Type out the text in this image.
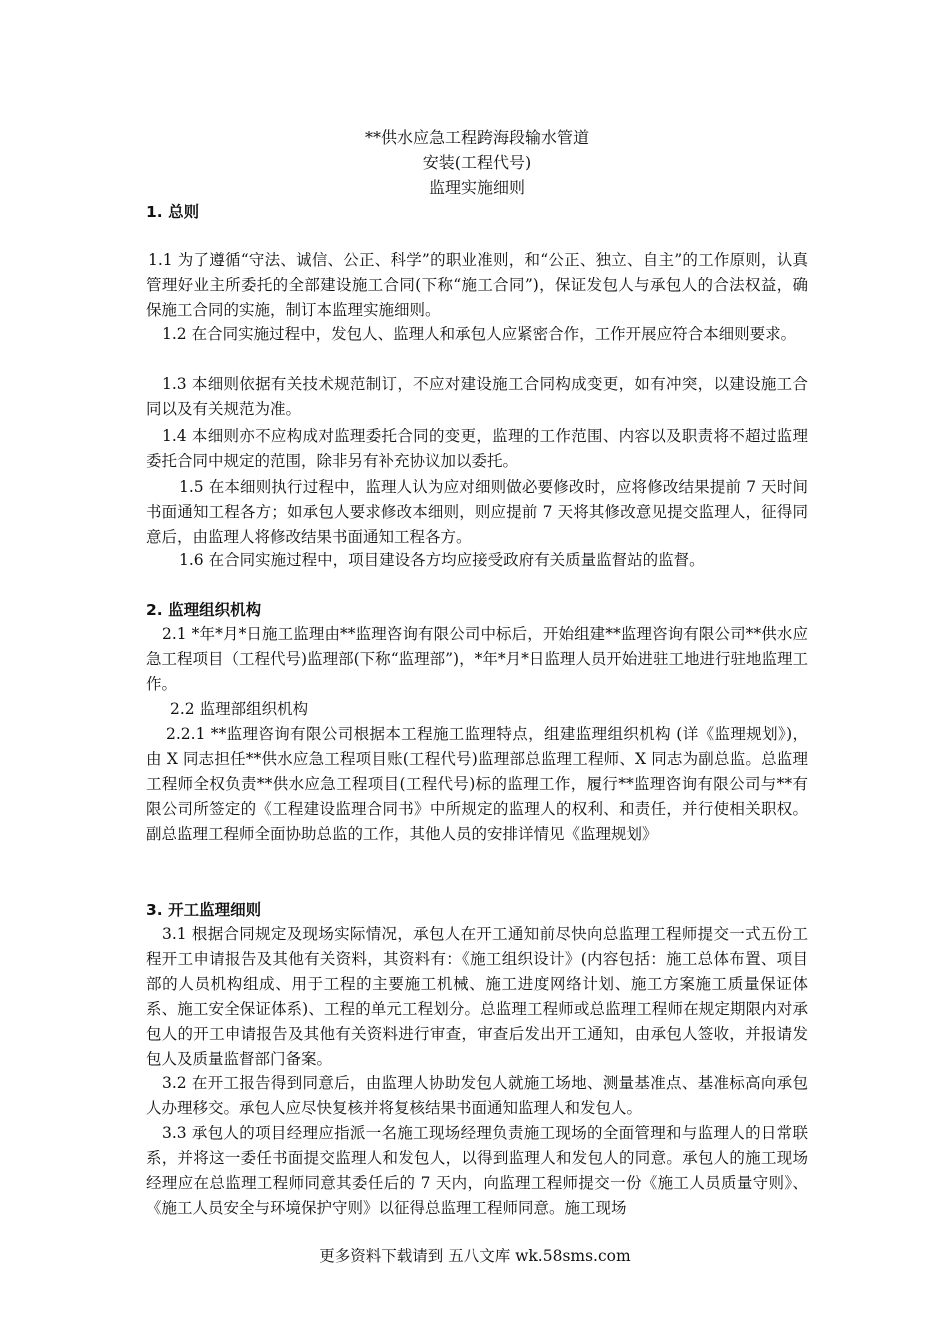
**供水应急工程跨海段输水管道
安装(工程代号)
监理实施细则
1. 总则
1.1 为了遵循“守法、诚信、公正、科学”的职业准则，和“公正、独立、自主”的工作原则，认真管理好业主所委托的全部建设施工合同(下称“施工合同”)，保证发包人与承包人的合法权益，确保施工合同的实施，制订本监理实施细则。
1.2 在合同实施过程中，发包人、监理人和承包人应紧密合作，工作开展应符合本细则要求。
1.3 本细则依据有关技术规范制订，不应对建设施工合同构成变更，如有冲突，以建设施工合同以及有关规范为准。
1.4 本细则亦不应构成对监理委托合同的变更，监理的工作范围、内容以及职责将不超过监理委托合同中规定的范围，除非另有补充协议加以委托。
1.5 在本细则执行过程中，监理人认为应对细则做必要修改时，应将修改结果提前 7 天时间书面通知工程各方；如承包人要求修改本细则，则应提前 7 天将其修改意见提交监理人，征得同意后，由监理人将修改结果书面通知工程各方。
1.6 在合同实施过程中，项目建设各方均应接受政府有关质量监督站的监督。
2. 监理组织机构
2.1 *年*月*日施工监理由**监理咨询有限公司中标后，开始组建**监理咨询有限公司**供水应急工程项目（工程代号)监理部(下称“监理部”)，*年*月*日监理人员开始进驻工地进行驻地监理工作。
2.2 监理部组织机构
2.2.1 **监理咨询有限公司根据本工程施工监理特点，组建监理组织机构 (详《监理规划》)，由 X 同志担任**供水应急工程项目账(工程代号)监理部总监理工程师、X 同志为副总监。总监理工程师全权负责**供水应急工程项目(工程代号)标的监理工作，履行**监理咨询有限公司与**有限公司所签定的《工程建设监理合同书》中所规定的监理人的权利、和责任，并行使相关职权。副总监理工程师全面协助总监的工作，其他人员的安排详情见《监理规划》
3. 开工监理细则
3.1 根据合同规定及现场实际情况，承包人在开工通知前尽快向总监理工程师提交一式五份工程开工申请报告及其他有关资料，其资料有：《施工组织设计》(内容包括：施工总体布置、项目部的人员机构组成、用于工程的主要施工机械、施工进度网络计划、施工方案施工质量保证体系、施工安全保证体系)、工程的单元工程划分。总监理工程师或总监理工程师在规定期限内对承包人的开工申请报告及其他有关资料进行审查，审查后发出开工通知，由承包人签收，并报请发包人及质量监督部门备案。
3.2 在开工报告得到同意后，由监理人协助发包人就施工场地、测量基准点、基准标高向承包人办理移交。承包人应尽快复核并将复核结果书面通知监理人和发包人。
3.3 承包人的项目经理应指派一名施工现场经理负责施工现场的全面管理和与监理人的日常联系，并将这一委任书面提交监理人和发包人，以得到监理人和发包人的同意。承包人的施工现场经理应在总监理工程师同意其委任后的 7 天内，向监理工程师提交一份《施工人员质量守则》、《施工人员安全与环境保护守则》以征得总监理工程师同意。施工现场
更多资料下载请到 五八文库 wk.58sms.com
